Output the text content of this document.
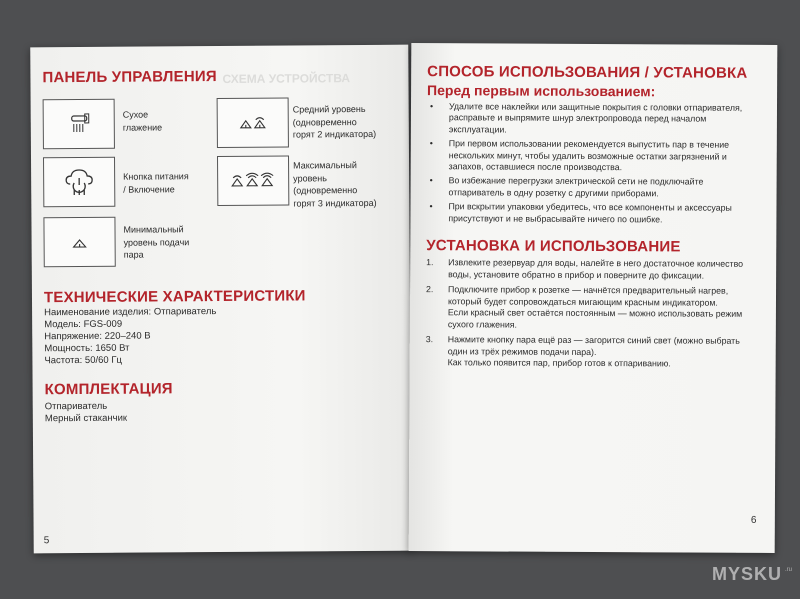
СХЕМА УСТРОЙСТВА
ПАНЕЛЬ УПРАВЛЕНИЯ
Сухое
глажение
Средний уровень
(одновременно
горят 2 индикатора)
Кнопка питания
/ Включение
Максимальный
уровень
(одновременно
горят 3 индикатора)
Минимальный
уровень подачи
пара
ТЕХНИЧЕСКИЕ ХАРАКТЕРИСТИКИ
Наименование изделия: Отпариватель
Модель: FGS-009
Напряжение: 220–240 В
Мощность: 1650 Вт
Частота: 50/60 Гц
КОМПЛЕКТАЦИЯ
Отпариватель
Мерный стаканчик
5
СПОСОБ ИСПОЛЬЗОВАНИЯ / УСТАНОВКА
Перед первым использованием:
• Удалите все наклейки или защитные покрытия с головки отпаривателя, расправьте и выпрямите шнур электропровода перед началом эксплуатации.
• При первом использовании рекомендуется выпустить пар в течение нескольких минут, чтобы удалить возможные остатки загрязнений и запахов, оставшиеся после производства.
• Во избежание перегрузки электрической сети не подключайте отпариватель в одну розетку с другими приборами.
• При вскрытии упаковки убедитесь, что все компоненты и аксессуары присутствуют и не выбрасывайте ничего по ошибке.
УСТАНОВКА И ИСПОЛЬЗОВАНИЕ
1. Извлеките резервуар для воды, налейте в него достаточное количество воды, установите обратно в прибор и поверните до фиксации.
2. Подключите прибор к розетке — начнётся предварительный нагрев, который будет сопровождаться мигающим красным индикатором.
Если красный свет остаётся постоянным — можно использовать режим сухого глажения.
3. Нажмите кнопку пара ещё раз — загорится синий свет (можно выбрать один из трёх режимов подачи пара).
Как только появится пар, прибор готов к отпариванию.
6
.ru
MYSKU
